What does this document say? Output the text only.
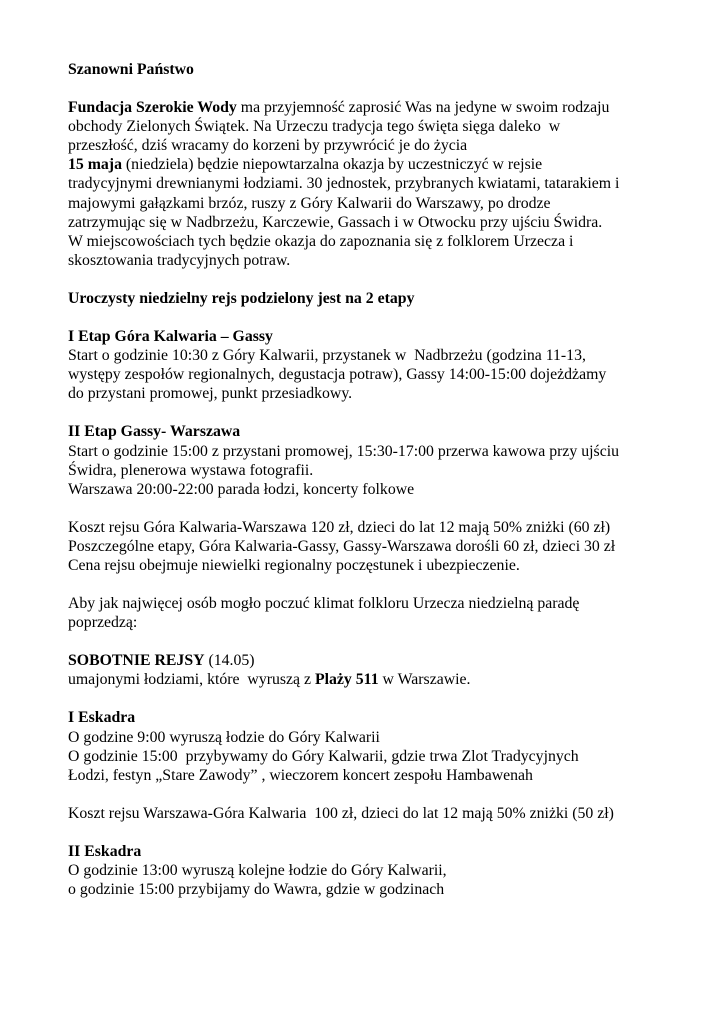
Szanowni Państwo
Fundacja Szerokie Wody ma przyjemność zaprosić Was na jedyne w swoim rodzaju
obchody Zielonych Świątek. Na Urzeczu tradycja tego święta sięga daleko  w
przeszłość, dziś wracamy do korzeni by przywrócić je do życia
15 maja (niedziela) będzie niepowtarzalna okazja by uczestniczyć w rejsie
tradycyjnymi drewnianymi łodziami. 30 jednostek, przybranych kwiatami, tatarakiem i
majowymi gałązkami brzóz, ruszy z Góry Kalwarii do Warszawy, po drodze
zatrzymując się w Nadbrzeżu, Karczewie, Gassach i w Otwocku przy ujściu Świdra.
W miejscowościach tych będzie okazja do zapoznania się z folklorem Urzecza i
skosztowania tradycyjnych potraw.
Uroczysty niedzielny rejs podzielony jest na 2 etapy
I Etap Góra Kalwaria – Gassy
Start o godzinie 10:30 z Góry Kalwarii, przystanek w  Nadbrzeżu (godzina 11-13,
występy zespołów regionalnych, degustacja potraw), Gassy 14:00-15:00 dojeżdżamy
do przystani promowej, punkt przesiadkowy.
II Etap Gassy- Warszawa
Start o godzinie 15:00 z przystani promowej, 15:30-17:00 przerwa kawowa przy ujściu
Świdra, plenerowa wystawa fotografii.
Warszawa 20:00-22:00 parada łodzi, koncerty folkowe
Koszt rejsu Góra Kalwaria-Warszawa 120 zł, dzieci do lat 12 mają 50% zniżki (60 zł)
Poszczególne etapy, Góra Kalwaria-Gassy, Gassy-Warszawa dorośli 60 zł, dzieci 30 zł
Cena rejsu obejmuje niewielki regionalny poczęstunek i ubezpieczenie.
Aby jak najwięcej osób mogło poczuć klimat folkloru Urzecza niedzielną paradę
poprzedzą:
SOBOTNIE REJSY (14.05)
umajonymi łodziami, które  wyruszą z Plaży 511 w Warszawie.
I Eskadra
O godzine 9:00 wyruszą łodzie do Góry Kalwarii
O godzinie 15:00  przybywamy do Góry Kalwarii, gdzie trwa Zlot Tradycyjnych
Łodzi, festyn „Stare Zawody” , wieczorem koncert zespołu Hambawenah
Koszt rejsu Warszawa-Góra Kalwaria  100 zł, dzieci do lat 12 mają 50% zniżki (50 zł)
II Eskadra
O godzinie 13:00 wyruszą kolejne łodzie do Góry Kalwarii,
o godzinie 15:00 przybijamy do Wawra, gdzie w godzinach
